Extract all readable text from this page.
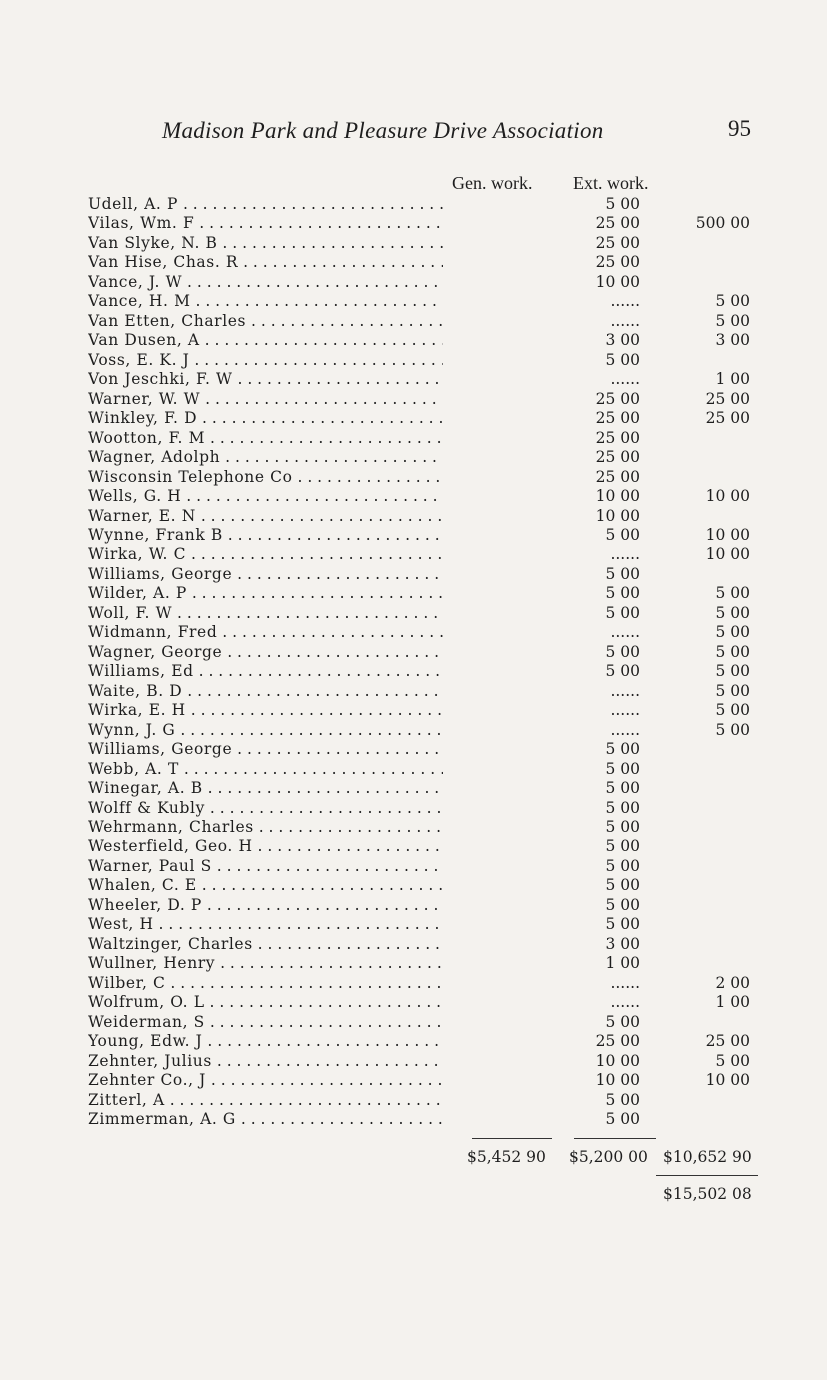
Madison Park and Pleasure Drive Association	95
Gen. work. Ext. work.
Udell, A. P . . .	5 00
Vilas, Wm. F . . .	25 00	500 00
Van Slyke, N. B . . .	25 00
Van Hise, Chas. R . . .	25 00
Vance, J. W . . .	10 00
Vance, H. M . . .	......	5 00
Van Etten, Charles . . .	......	5 00
Van Dusen, A . . .	3 00	3 00
Voss, E. K. J . . .	5 00
Von Jeschki, F. W . . .	......	1 00
Warner, W. W . . .	25 00	25 00
Winkley, F. D . . .	25 00	25 00
Wootton, F. M . . .	25 00
Wagner, Adolph . . .	25 00
Wisconsin Telephone Co . . .	25 00
Wells, G. H . . .	10 00	10 00
Warner, E. N . . .	10 00
Wynne, Frank B . . .	5 00	10 00
Wirka, W. C . . .	......	10 00
Williams, George . . .	5 00
Wilder, A. P . . .	5 00	5 00
Woll, F. W . . .	5 00	5 00
Widmann, Fred . . .	......	5 00
Wagner, George . . .	5 00	5 00
Williams, Ed . . .	5 00	5 00
Waite, B. D . . .	......	5 00
Wirka, E. H . . .	......	5 00
Wynn, J. G . . .	......	5 00
Williams, George . . .	5 00
Webb, A. T . . .	5 00
Winegar, A. B . . .	5 00
Wolff & Kubly . . .	5 00
Wehrmann, Charles . . .	5 00
Westerfield, Geo. H . . .	5 00
Warner, Paul S . . .	5 00
Whalen, C. E . . .	5 00
Wheeler, D. P . . .	5 00
West, H . . .	5 00
Waltzinger, Charles . . .	3 00
Wullner, Henry . . .	1 00
Wilber, C . . .	......	2 00
Wolfrum, O. L . . .	......	1 00
Weiderman, S . . .	5 00
Young, Edw. J . . .	25 00	25 00
Zehnter, Julius . . .	10 00	5 00
Zehnter Co., J . . .	10 00	10 00
Zitterl, A . . .	5 00
Zimmerman, A. G . . .	5 00
$5,452 90 $5,200 00 $10,652 90
$15,502 08
